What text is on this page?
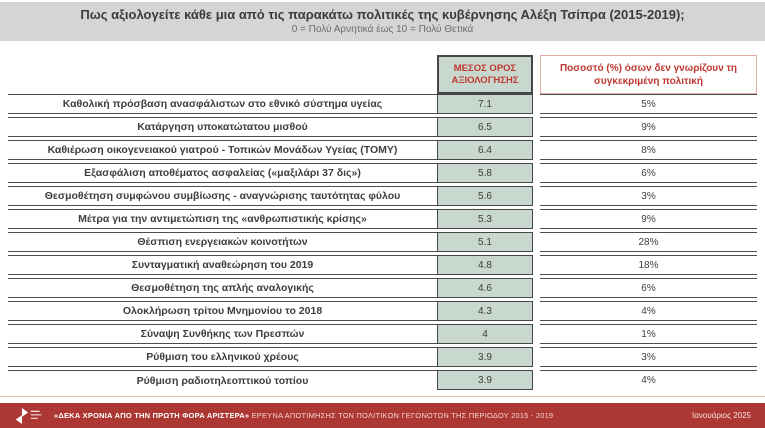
Πως αξιολογείτε κάθε μια από τις παρακάτω πολιτικές της κυβέρνησης Αλέξη Τσίπρα (2015-2019);
0 = Πολύ Αρνητικά έως 10 = Πολύ Θετικά
ΜΕΣΟΣ ΟΡΟΣ ΑΞΙΟΛΟΓΗΣΗΣ
Ποσοστό (%) όσων δεν γνωρίζουν τη συγκεκριμένη πολιτική
Καθολική πρόσβαση ανασφάλιστων στο εθνικό σύστημα υγείας	7.1	5%
Κατάργηση υποκατώτατου μισθού	6.5	9%
Καθιέρωση οικογενειακού γιατρού - Τοπικών Μονάδων Υγείας (ΤΟΜΥ)	6.4	8%
Εξασφάλιση αποθέματος ασφαλείας («μαξιλάρι 37 δις»)	5.8	6%
Θεσμοθέτηση συμφώνου συμβίωσης - αναγνώρισης ταυτότητας φύλου	5.6	3%
Μέτρα για την αντιμετώπιση της «ανθρωπιστικής κρίσης»	5.3	9%
Θέσπιση ενεργειακών κοινοτήτων	5.1	28%
Συνταγματική αναθεώρηση του 2019	4.8	18%
Θεσμοθέτηση της απλής αναλογικής	4.6	6%
Ολοκλήρωση τρίτου Μνημονίου το 2018	4.3	4%
Σύναψη Συνθήκης των Πρεσπών	4	1%
Ρύθμιση του ελληνικού χρέους	3.9	3%
Ρύθμιση ραδιοτηλεοπτικού τοπίου	3.9	4%
«ΔΕΚΑ ΧΡΟΝΙΑ ΑΠΟ ΤΗΝ ΠΡΩΤΗ ΦΟΡΑ ΑΡΙΣΤΕΡΑ» ΕΡΕΥΝΑ ΑΠΟΤΙΜΗΣΗΣ ΤΩΝ ΠΟΛΙΤΙΚΩΝ ΓΕΓΟΝΟΤΩΝ ΤΗΣ ΠΕΡΙΟΔΟΥ 2015 - 2019	Ιανουάριος 2025
